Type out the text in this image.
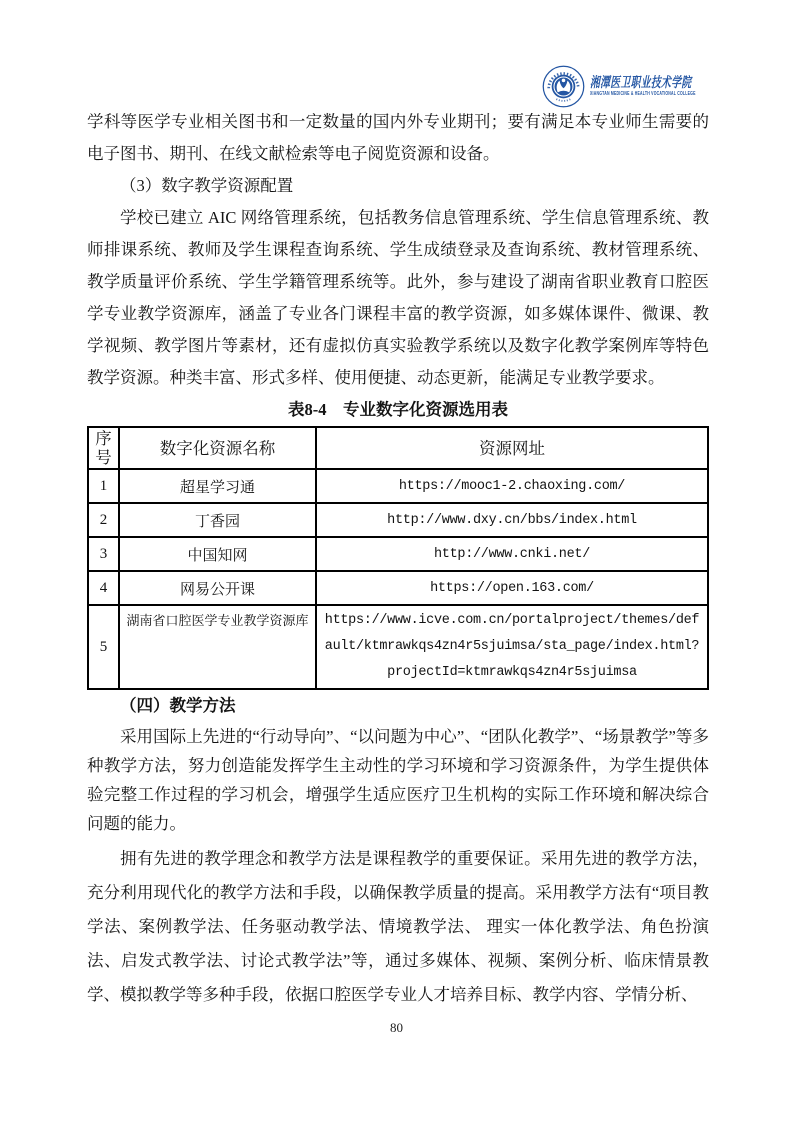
湘潭医卫职业技术学院
XIANGTAN MEDICINE & HEALTH VOCATIONAL COLLEGE

学科等医学专业相关图书和一定数量的国内外专业期刊；要有满足本专业师生需要的电子图书、期刊、在线文献检索等电子阅览资源和设备。

（3）数字教学资源配置

学校已建立 AIC 网络管理系统，包括教务信息管理系统、学生信息管理系统、教师排课系统、教师及学生课程查询系统、学生成绩登录及查询系统、教材管理系统、教学质量评价系统、学生学籍管理系统等。此外，参与建设了湖南省职业教育口腔医学专业教学资源库，涵盖了专业各门课程丰富的教学资源，如多媒体课件、微课、教学视频、教学图片等素材，还有虚拟仿真实验教学系统以及数字化教学案例库等特色教学资源。种类丰富、形式多样、使用便捷、动态更新，能满足专业教学要求。

表8-4　专业数字化资源选用表

序号	数字化资源名称	资源网址
1	超星学习通	https://mooc1-2.chaoxing.com/
2	丁香园	http://www.dxy.cn/bbs/index.html
3	中国知网	http://www.cnki.net/
4	网易公开课	https://open.163.com/
5	湖南省口腔医学专业教学资源库	https://www.icve.com.cn/portalproject/themes/default/ktmrawkqs4zn4r5sjuimsa/sta_page/index.html?projectId=ktmrawkqs4zn4r5sjuimsa

（四）教学方法

采用国际上先进的“行动导向”、“以问题为中心”、“团队化教学”、“场景教学”等多种教学方法，努力创造能发挥学生主动性的学习环境和学习资源条件，为学生提供体验完整工作过程的学习机会，增强学生适应医疗卫生机构的实际工作环境和解决综合问题的能力。

拥有先进的教学理念和教学方法是课程教学的重要保证。采用先进的教学方法，充分利用现代化的教学方法和手段，以确保教学质量的提高。采用教学方法有“项目教学法、案例教学法、任务驱动教学法、情境教学法、 理实一体化教学法、角色扮演法、启发式教学法、讨论式教学法”等，通过多媒体、视频、案例分析、临床情景教学、模拟教学等多种手段，依据口腔医学专业人才培养目标、教学内容、学情分析、

80
